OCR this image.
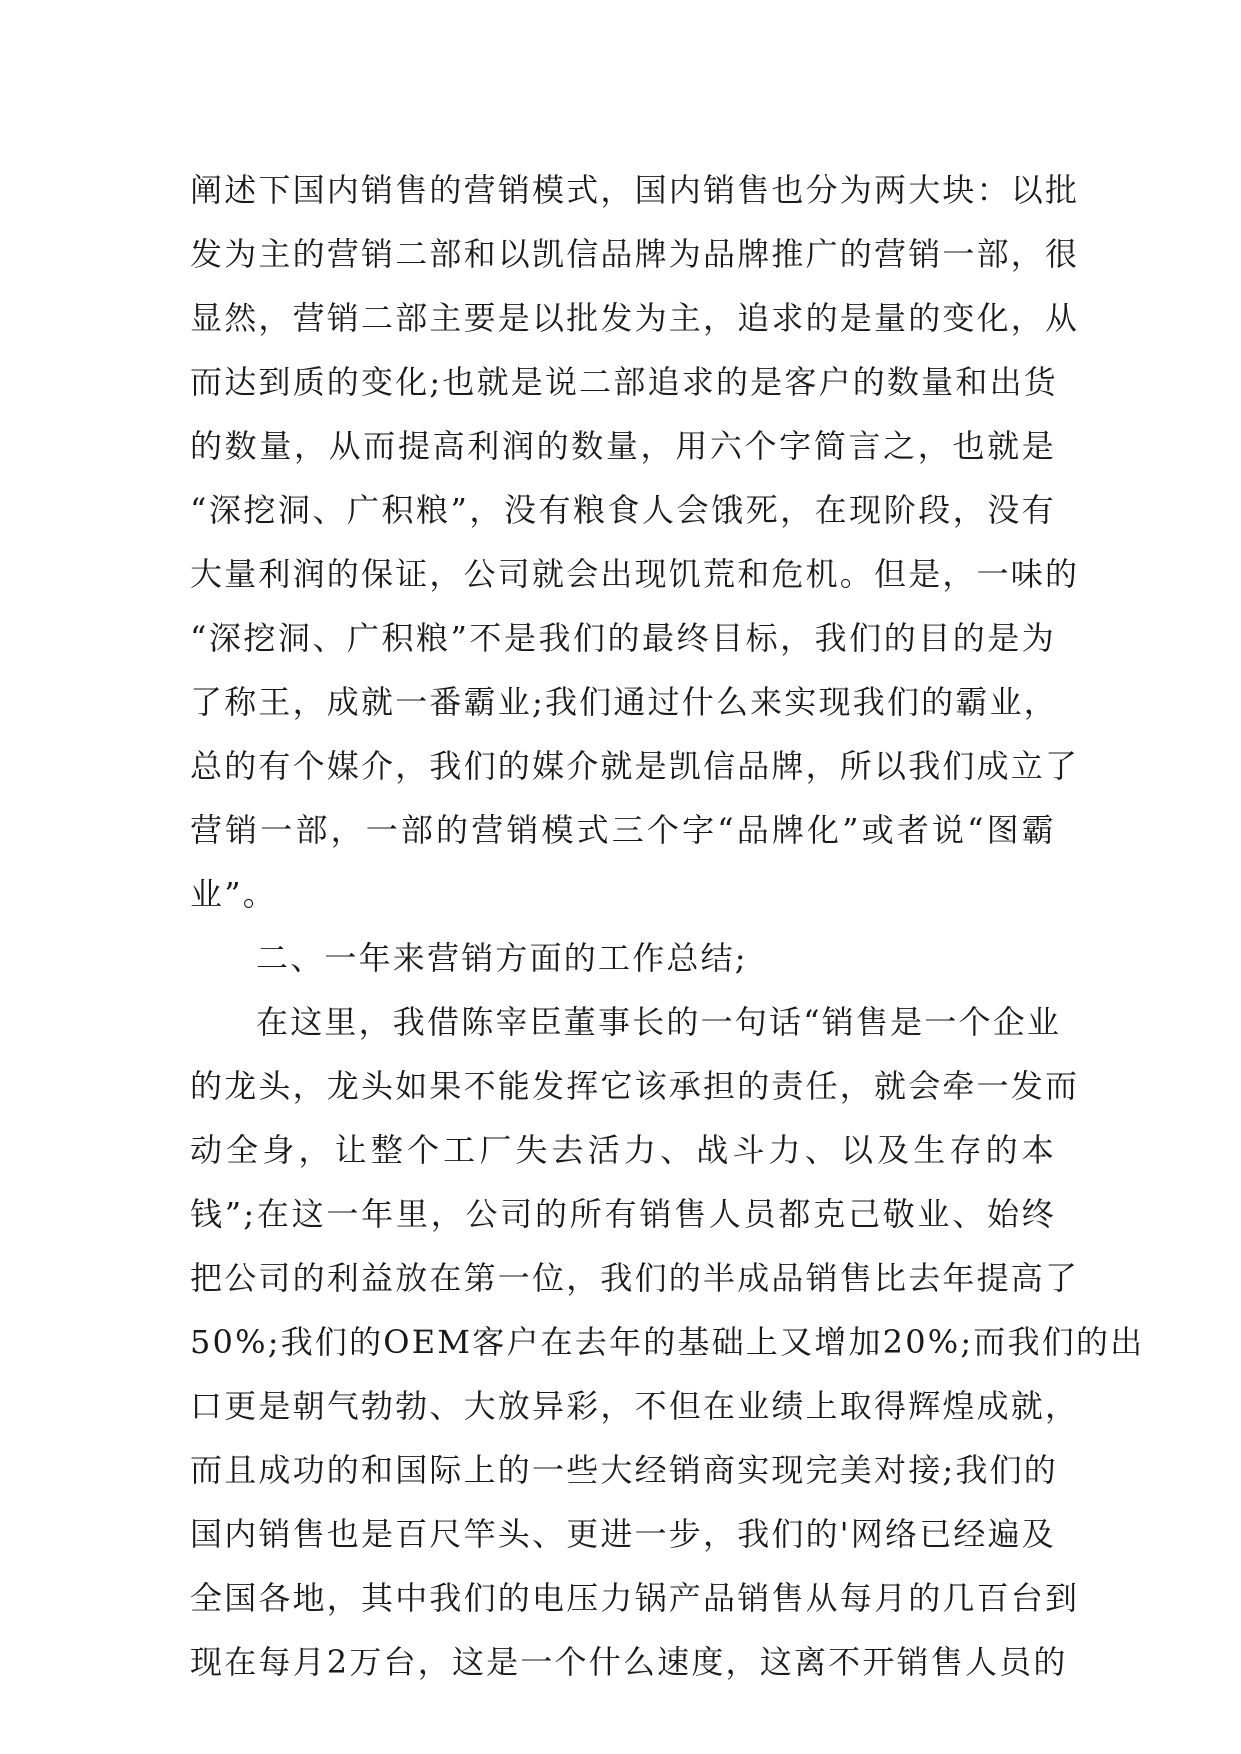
阐述下国内销售的营销模式，国内销售也分为两大块：以批
发为主的营销二部和以凯信品牌为品牌推广的营销一部，很
显然，营销二部主要是以批发为主，追求的是量的变化，从
而达到质的变化;也就是说二部追求的是客户的数量和出货
的数量，从而提高利润的数量，用六个字简言之，也就是
“深挖洞、广积粮”，没有粮食人会饿死，在现阶段，没有
大量利润的保证，公司就会出现饥荒和危机。但是，一味的
“深挖洞、广积粮”不是我们的最终目标，我们的目的是为
了称王，成就一番霸业;我们通过什么来实现我们的霸业，
总的有个媒介，我们的媒介就是凯信品牌，所以我们成立了
营销一部，一部的营销模式三个字“品牌化”或者说“图霸
业”。
二、一年来营销方面的工作总结;
在这里，我借陈宰臣董事长的一句话“销售是一个企业
的龙头，龙头如果不能发挥它该承担的责任，就会牵一发而
动全身，让整个工厂失去活力、战斗力、以及生存的本
钱”;在这一年里，公司的所有销售人员都克己敬业、始终
把公司的利益放在第一位，我们的半成品销售比去年提高了
50%;我们的OEM客户在去年的基础上又增加20%;而我们的出
口更是朝气勃勃、大放异彩，不但在业绩上取得辉煌成就，
而且成功的和国际上的一些大经销商实现完美对接;我们的
国内销售也是百尺竿头、更进一步，我们的'网络已经遍及
全国各地，其中我们的电压力锅产品销售从每月的几百台到
现在每月2万台，这是一个什么速度，这离不开销售人员的
